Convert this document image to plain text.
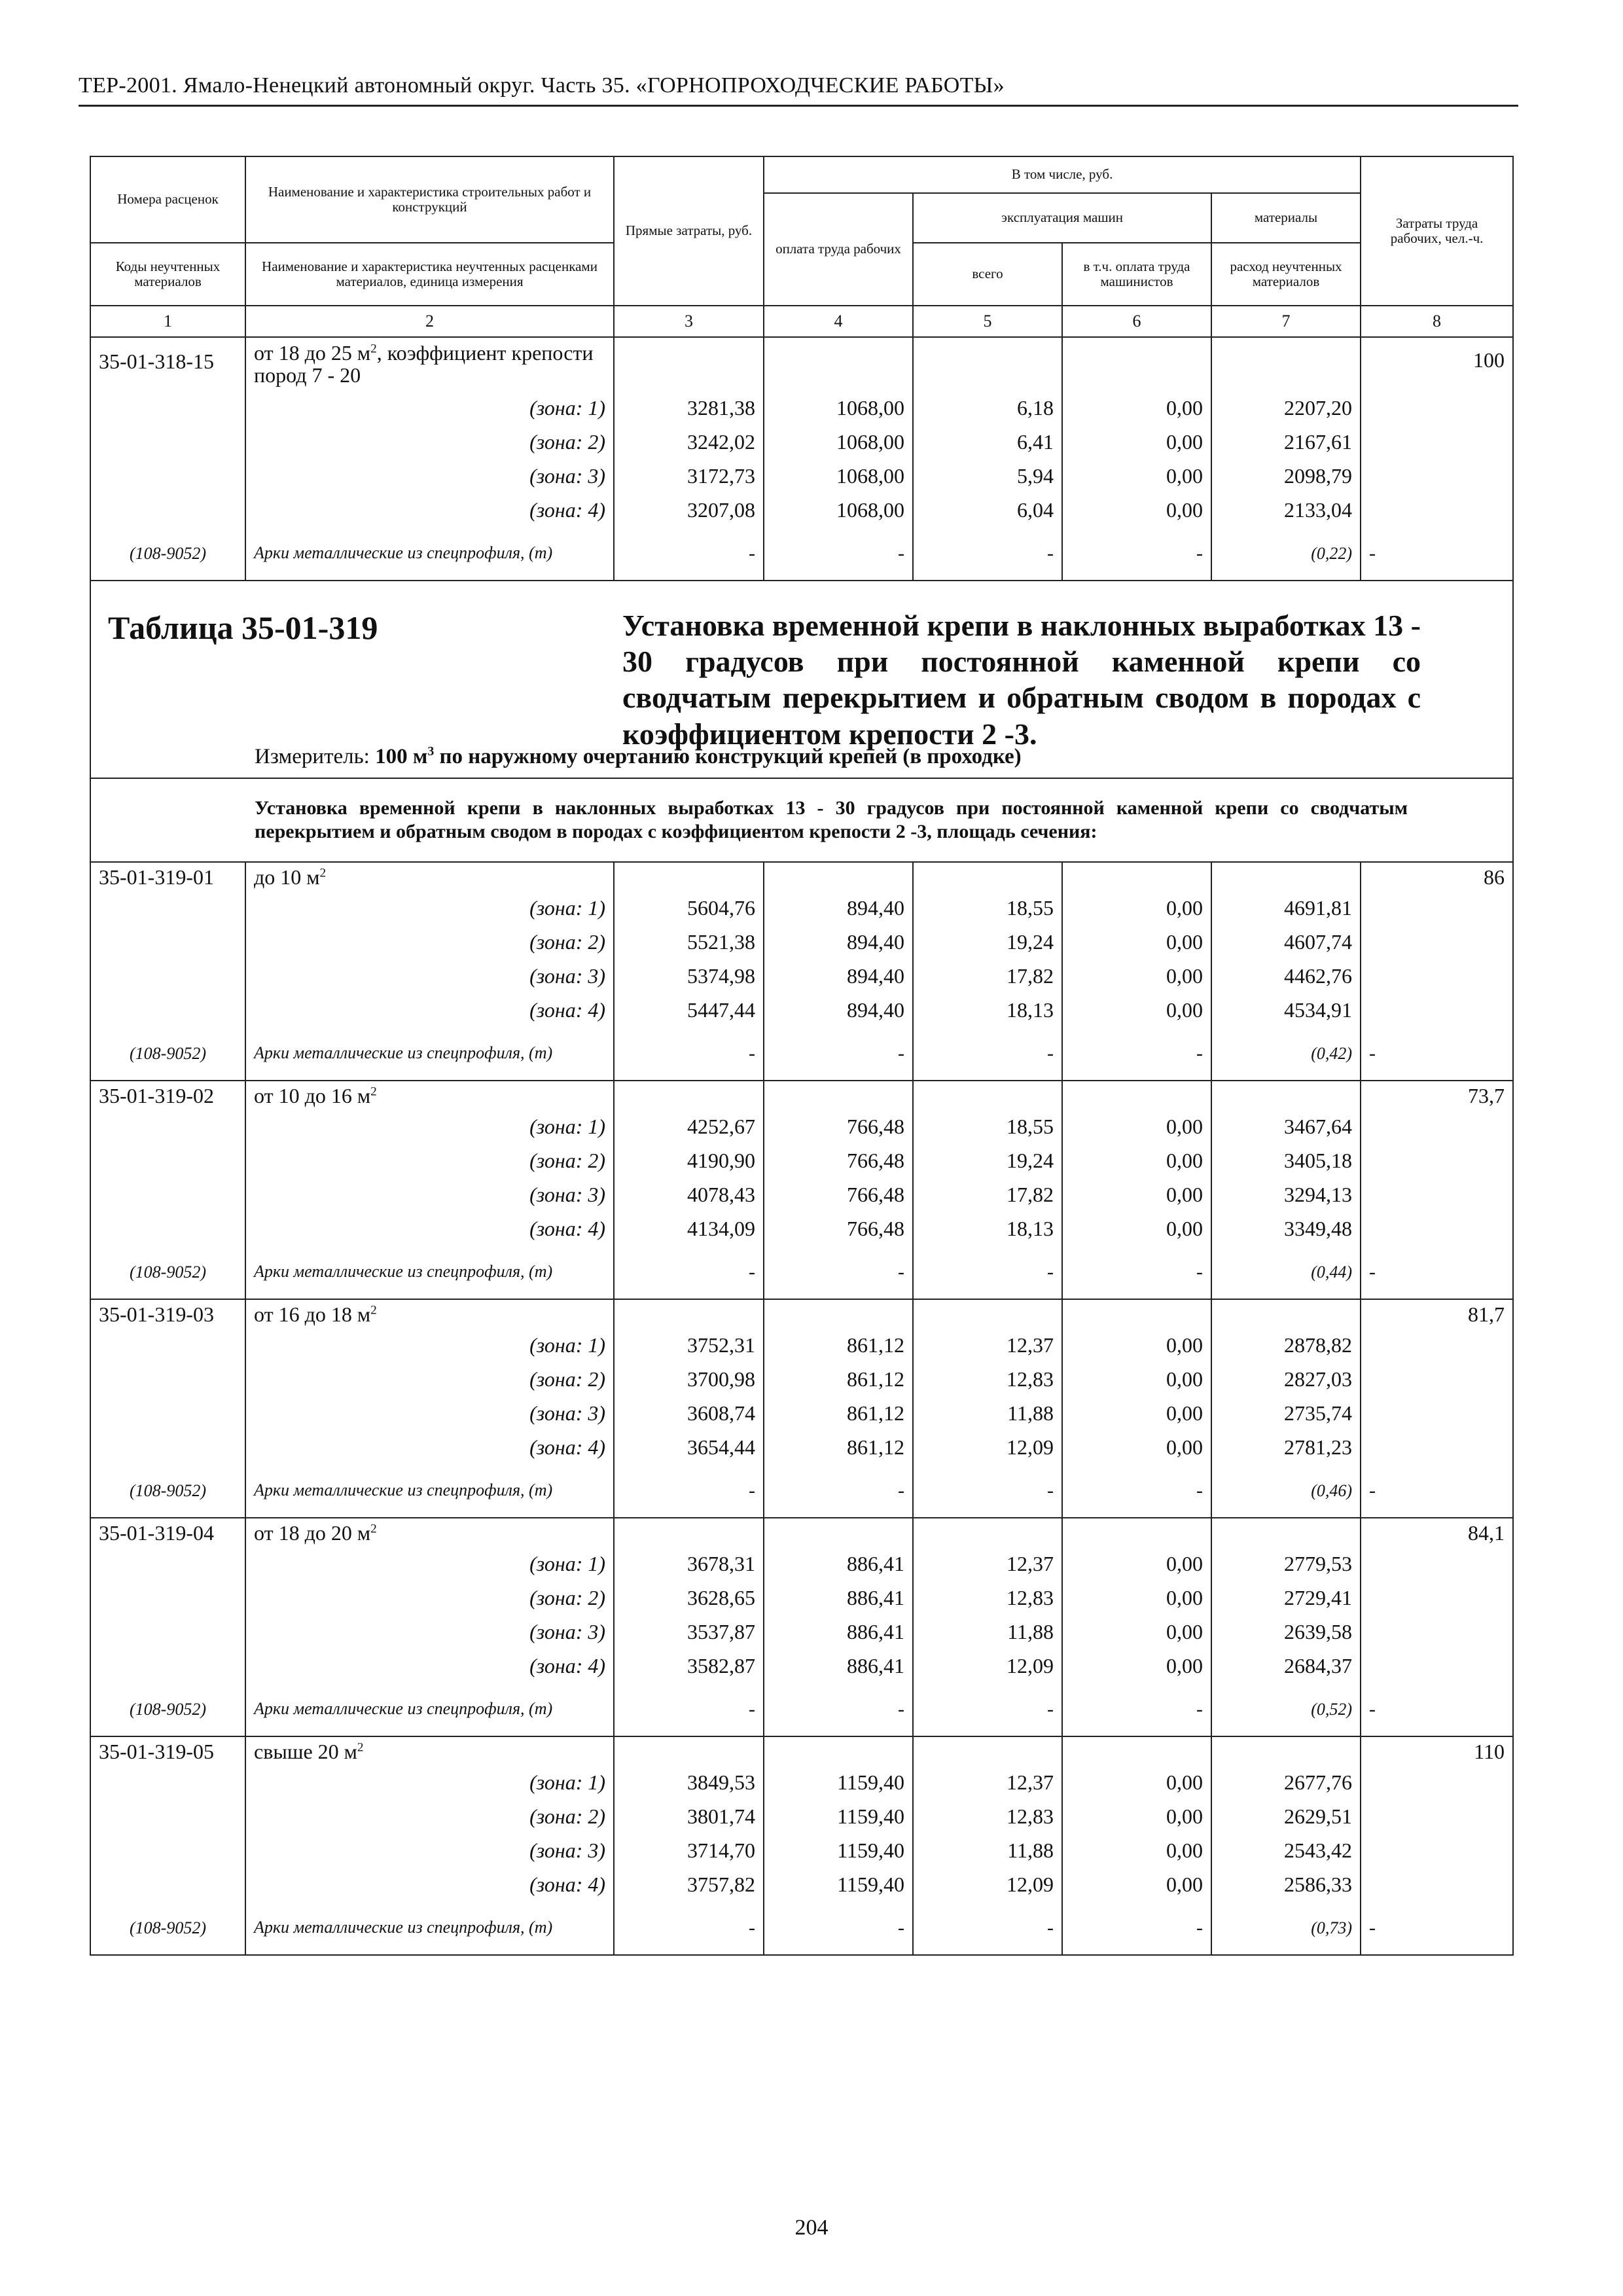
ТЕР-2001. Ямало-Ненецкий автономный округ. Часть 35. «ГОРНОПРОХОДЧЕСКИЕ РАБОТЫ»
Номера расценок	Наименование и характеристика строительных работ и конструкций	Прямые затраты, руб.	В том числе, руб.				Затраты труда рабочих, чел.-ч.
			оплата труда рабочих	эксплуатация машин		материалы	
Коды неучтенных материалов	Наименование и характеристика неучтенных расценками материалов, единица измерения			всего	в т.ч. оплата труда машинистов	расход неучтенных материалов	
1	2	3	4	5	6	7	8
35-01-318-15	от 18 до 25 $м^2$, коэффициент крепости пород 7 - 20						100
	(зона: 1)	3281,38	1068,00	6,18	0,00	2207,20	
	(зона: 2)	3242,02	1068,00	6,41	0,00	2167,61	
	(зона: 3)	3172,73	1068,00	5,94	0,00	2098,79	
	(зона: 4)	3207,08	1068,00	6,04	0,00	2133,04	
(108-9052)	Арки металлические из спецпрофиля, (т)	-	-	-	-	(0,22)	-

Таблица 35-01-319 Установка временной крепи в наклонных выработках 13 - 30 градусов при постоянной каменной крепи со сводчатым перекрытием и обратным сводом в породах с коэффициентом крепости 2 -3.
Измеритель: 100 $м^3$ по наружному очертанию конструкций крепей (в проходке)							

Установка временной крепи в наклонных выработках 13 - 30 градусов при постоянной каменной крепи со сводчатым перекрытием и обратным сводом в породах с коэффициентом крепости 2 -3, площадь сечения:							

35-01-319-01	до 10 $м^2$						86
	(зона: 1)	5604,76	894,40	18,55	0,00	4691,81	
	(зона: 2)	5521,38	894,40	19,24	0,00	4607,74	
	(зона: 3)	5374,98	894,40	17,82	0,00	4462,76	
	(зона: 4)	5447,44	894,40	18,13	0,00	4534,91	
(108-9052)	Арки металлические из спецпрофиля, (т)	-	-	-	-	(0,42)	-
35-01-319-02	от 10 до 16 $м^2$						73,7
	(зона: 1)	4252,67	766,48	18,55	0,00	3467,64	
	(зона: 2)	4190,90	766,48	19,24	0,00	3405,18	
	(зона: 3)	4078,43	766,48	17,82	0,00	3294,13	
	(зона: 4)	4134,09	766,48	18,13	0,00	3349,48	
(108-9052)	Арки металлические из спецпрофиля, (т)	-	-	-	-	(0,44)	-
35-01-319-03	от 16 до 18 $м^2$						81,7
	(зона: 1)	3752,31	861,12	12,37	0,00	2878,82	
	(зона: 2)	3700,98	861,12	12,83	0,00	2827,03	
	(зона: 3)	3608,74	861,12	11,88	0,00	2735,74	
	(зона: 4)	3654,44	861,12	12,09	0,00	2781,23	
(108-9052)	Арки металлические из спецпрофиля, (т)	-	-	-	-	(0,46)	-
35-01-319-04	от 18 до 20 $м^2$						84,1
	(зона: 1)	3678,31	886,41	12,37	0,00	2779,53	
	(зона: 2)	3628,65	886,41	12,83	0,00	2729,41	
	(зона: 3)	3537,87	886,41	11,88	0,00	2639,58	
	(зона: 4)	3582,87	886,41	12,09	0,00	2684,37	
(108-9052)	Арки металлические из спецпрофиля, (т)	-	-	-	-	(0,52)	-
35-01-319-05	свыше 20 $м^2$						110
	(зона: 1)	3849,53	1159,40	12,37	0,00	2677,76	
	(зона: 2)	3801,74	1159,40	12,83	0,00	2629,51	
	(зона: 3)	3714,70	1159,40	11,88	0,00	2543,42	
	(зона: 4)	3757,82	1159,40	12,09	0,00	2586,33	
(108-9052)	Арки металлические из спецпрофиля, (т)	-	-	-	-	(0,73)	-
204
